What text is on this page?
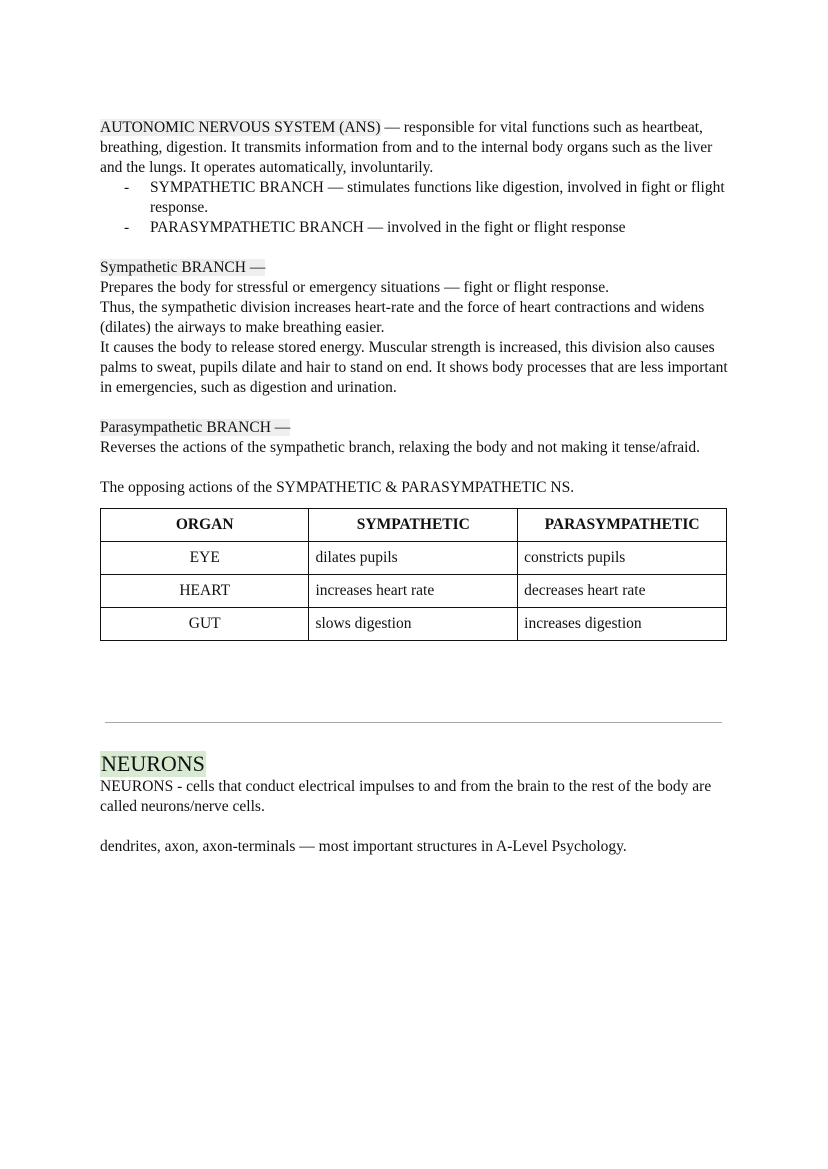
AUTONOMIC NERVOUS SYSTEM (ANS) — responsible for vital functions such as heartbeat, breathing, digestion. It transmits information from and to the internal body organs such as the liver and the lungs. It operates automatically, involuntarily.

- SYMPATHETIC BRANCH — stimulates functions like digestion, involved in fight or flight response.
- PARASYMPATHETIC BRANCH — involved in the fight or flight response

Sympathetic BRANCH —

Prepares the body for stressful or emergency situations — fight or flight response.

Thus, the sympathetic division increases heart-rate and the force of heart contractions and widens (dilates) the airways to make breathing easier.

It causes the body to release stored energy. Muscular strength is increased, this division also causes palms to sweat, pupils dilate and hair to stand on end. It shows body processes that are less important in emergencies, such as digestion and urination.

Parasympathetic BRANCH —

Reverses the actions of the sympathetic branch, relaxing the body and not making it tense/afraid.

The opposing actions of the SYMPATHETIC & PARASYMPATHETIC NS.

ORGAN	SYMPATHETIC	PARASYMPATHETIC
EYE	dilates pupils	constricts pupils
HEART	increases heart rate	decreases heart rate
GUT	slows digestion	increases digestion
NEURONS

NEURONS - cells that conduct electrical impulses to and from the brain to the rest of the body are called neurons/nerve cells.

dendrites, axon, axon-terminals — most important structures in A-Level Psychology.
